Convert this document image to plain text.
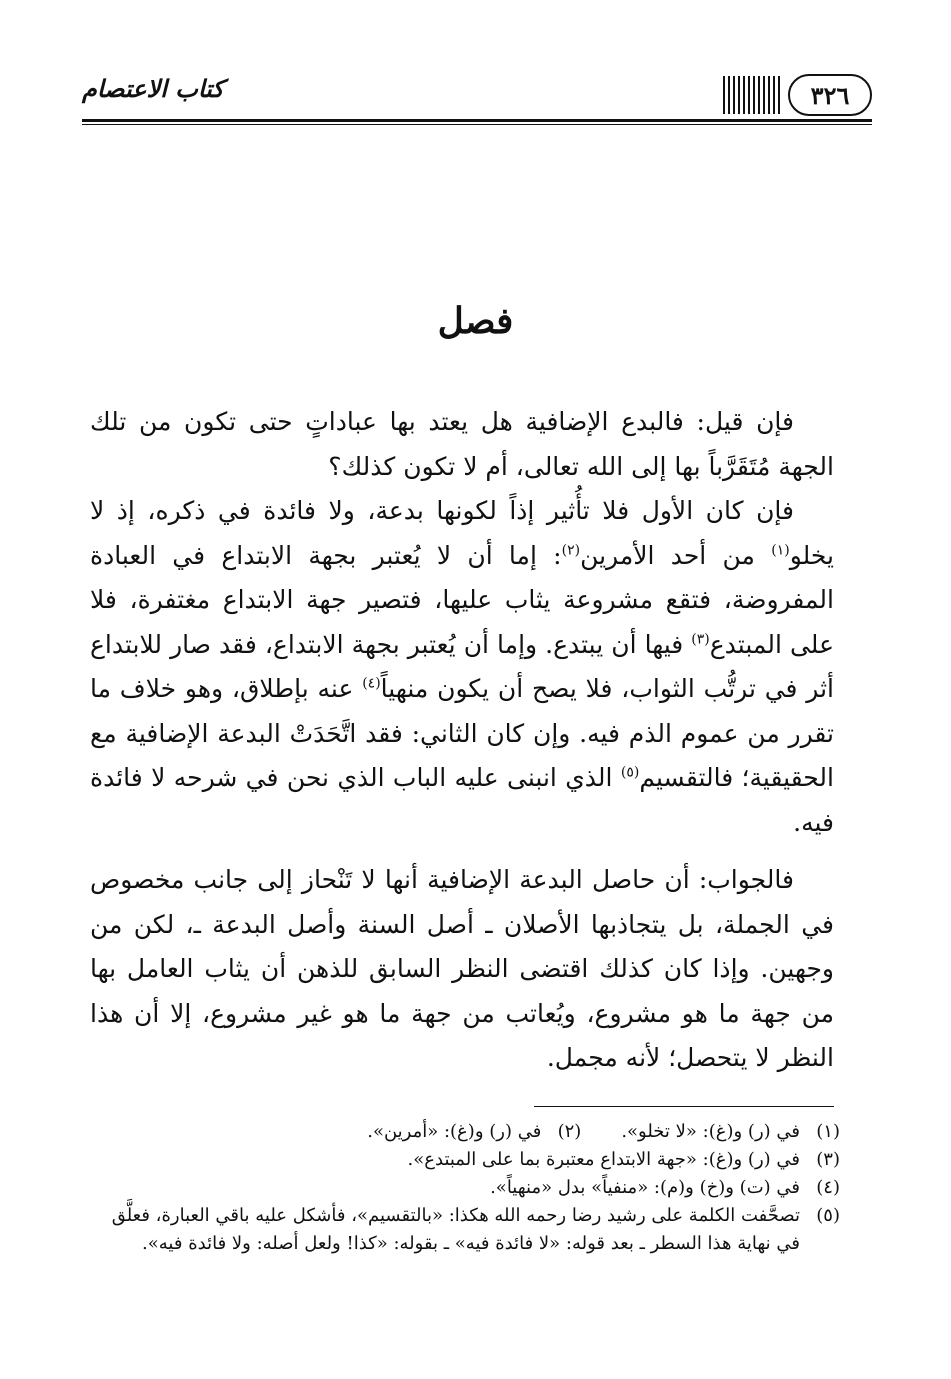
٣٢٦
كتاب الاعتصام
فصل

فإن قيل: فالبدع الإضافية هل يعتد بها عباداتٍ حتى تكون من تلك الجهة مُتَقَرَّباً بها إلى الله تعالى، أم لا تكون كذلك؟

فإن كان الأول فلا تأُثير إذاً لكونها بدعة، ولا فائدة في ذكره، إذ لا يخلو$^{(١)}$ من أحد الأمرين$^{(٢)}$: إما أن لا يُعتبر بجهة الابتداع في العبادة المفروضة، فتقع مشروعة يثاب عليها، فتصير جهة الابتداع مغتفرة، فلا على المبتدع$^{(٣)}$ فيها أن يبتدع. وإما أن يُعتبر بجهة الابتداع، فقد صار للابتداع أثر في ترتُّب الثواب، فلا يصح أن يكون منهياً$^{(٤)}$ عنه بإطلاق، وهو خلاف ما تقرر من عموم الذم فيه. وإن كان الثاني: فقد اتَّحَدَتْ البدعة الإضافية مع الحقيقية؛ فالتقسيم$^{(٥)}$ الذي انبنى عليه الباب الذي نحن في شرحه لا فائدة فيه.

فالجواب: أن حاصل البدعة الإضافية أنها لا تَنْحاز إلى جانب مخصوص في الجملة، بل يتجاذبها الأصلان ـ أصل السنة وأصل البدعة ـ، لكن من وجهين. وإذا كان كذلك اقتضى النظر السابق للذهن أن يثاب العامل بها من جهة ما هو مشروع، ويُعاتب من جهة ما هو غير مشروع، إلا أن هذا النظر لا يتحصل؛ لأنه مجمل.

(١)
في (ر) و(غ): «لا تخلو».
(٢)
في (ر) و(غ): «أمرين».
(٣)
في (ر) و(غ): «جهة الابتداع معتبرة بما على المبتدع».
(٤)
في (ت) و(خ) و(م): «منفياً» بدل «منهياً».
(٥)
تصحَّفت الكلمة على رشيد رضا رحمه الله هكذا: «بالتقسيم»، فأشكل عليه باقي العبارة، فعلَّق في نهاية هذا السطر ـ بعد قوله: «لا فائدة فيه» ـ بقوله: «كذا! ولعل أصله: ولا فائدة فيه».
